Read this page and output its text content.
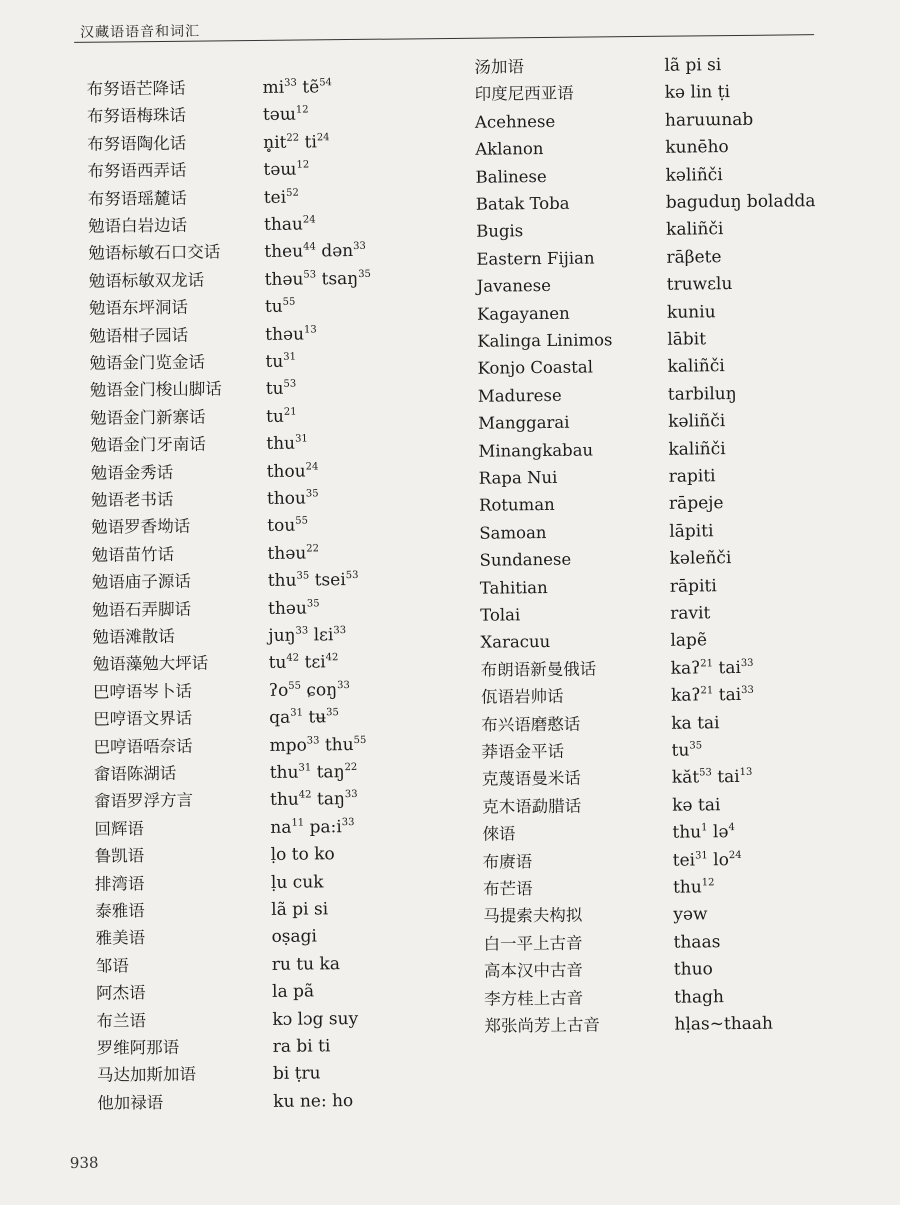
汉藏语语音和词汇
布努语芒降话
布努语梅珠话
布努语陶化话
布努语西弄话
布努语瑶麓话
勉语白岩边话
勉语标敏石口交话
勉语标敏双龙话
勉语东坪洞话
勉语柑子园话
勉语金门览金话
勉语金门梭山脚话
勉语金门新寨话
勉语金门牙南话
勉语金秀话
勉语老书话
勉语罗香坳话
勉语苗竹话
勉语庙子源话
勉语石弄脚话
勉语滩散话
勉语藻勉大坪话
巴哼语岑卜话
巴哼语文界话
巴哼语唔奈话
畲语陈湖话
畲语罗浮方言
回辉语
鲁凯语
排湾语
泰雅语
雅美语
邹语
阿杰语
布兰语
罗维阿那语
马达加斯加语
他加禄语
$mi^{33}$ tẽ$^{54}$
təɯ$^{12}$
$n̥it^{22}$ $ti^{24}$
təɯ$^{12}$
tei$^{52}$
thau$^{24}$
theu$^{44}$ dən$^{33}$
thəu$^{53}$ tsaŋ$^{35}$
$tu^{55}$
thəu$^{13}$
$tu^{31}$
$tu^{53}$
$tu^{21}$
thu$^{31}$
thou$^{24}$
thou$^{35}$
tou$^{55}$
thəu$^{22}$
thu$^{35}$ tsei$^{53}$
thəu$^{35}$
juŋ$^{33}$ lɛi$^{33}$
$tu^{42}$ tɛi$^{42}$
ʔo$^{55}$ ɕoŋ$^{33}$
$qa^{31}$ tʉ$^{35}$
mpo$^{33}$ thu$^{55}$
thu$^{31}$ taŋ$^{22}$
thu$^{42}$ taŋ$^{33}$
$na^{11}$ $pa:i^{33}$
ḷo to ko
ḷu cuk
lã pi si
oṣagi
ru tu ka
la pã
kɔ lɔg suy
ra bi ti
bi ṭru
ku ne: ho
汤加语
印度尼西亚语
Acehnese
Aklanon
Balinese
Batak Toba
Bugis
Eastern Fijian
Javanese
Kagayanen
Kalinga Linimos
Konjo Coastal
Madurese
Manggarai
Minangkabau
Rapa Nui
Rotuman
Samoan
Sundanese
Tahitian
Tolai
Xaracuu
布朗语新曼俄话
佤语岩帅话
布兴语磨憨话
莽语金平话
克蔑语曼米话
克木语勐腊话
倈语
布赓语
布芒语
马提索夫构拟
白一平上古音
高本汉中古音
李方桂上古音
郑张尚芳上古音
lã pi si
kə lin ṭi
haruɯnab
kunēho
kəliñči
baguduŋ boladda
kaliñči
rāβete
truwɛlu
kuniu
lābit
kaliñči
tarbiluŋ
kəliñči
kaliñči
rapiti
rāpeje
lāpiti
kəleñči
rāpiti
ravit
lapẽ
kaʔ$^{21}$ tai$^{33}$
kaʔ$^{21}$ tai$^{33}$
ka tai
$tu^{35}$
kăt$^{53}$ tai$^{13}$
kə tai
thu$^1$ lə$^4$
tei$^{31}$ $lo^{24}$
thu$^{12}$
yəw
thaas
thuo
thagh
hḷas~thaah
938
